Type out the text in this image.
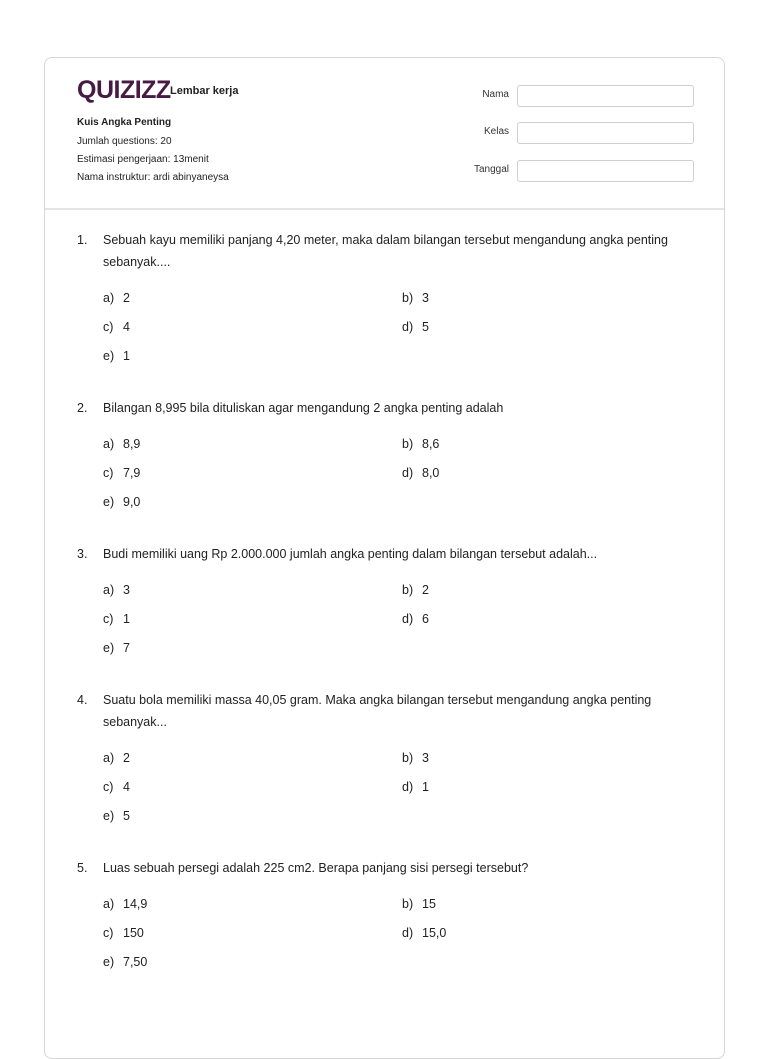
QUIZIZZ Lembar kerja
Kuis Angka Penting
Jumlah questions: 20
Estimasi pengerjaan: 13menit
Nama instruktur: ardi abinyaneysa
Nama
Kelas
Tanggal
1. Sebuah kayu memiliki panjang 4,20 meter, maka dalam bilangan tersebut mengandung angka penting sebanyak....
a) 2	b) 3
c) 4	d) 5
e) 1
2. Bilangan 8,995 bila dituliskan agar mengandung 2 angka penting adalah
a) 8,9	b) 8,6
c) 7,9	d) 8,0
e) 9,0
3. Budi memiliki uang Rp 2.000.000 jumlah angka penting dalam bilangan tersebut adalah...
a) 3	b) 2
c) 1	d) 6
e) 7
4. Suatu bola memiliki massa 40,05 gram. Maka angka bilangan tersebut mengandung angka penting sebanyak...
a) 2	b) 3
c) 4	d) 1
e) 5
5. Luas sebuah persegi adalah 225 cm2. Berapa panjang sisi persegi tersebut?
a) 14,9	b) 15
c) 150	d) 15,0
e) 7,50
